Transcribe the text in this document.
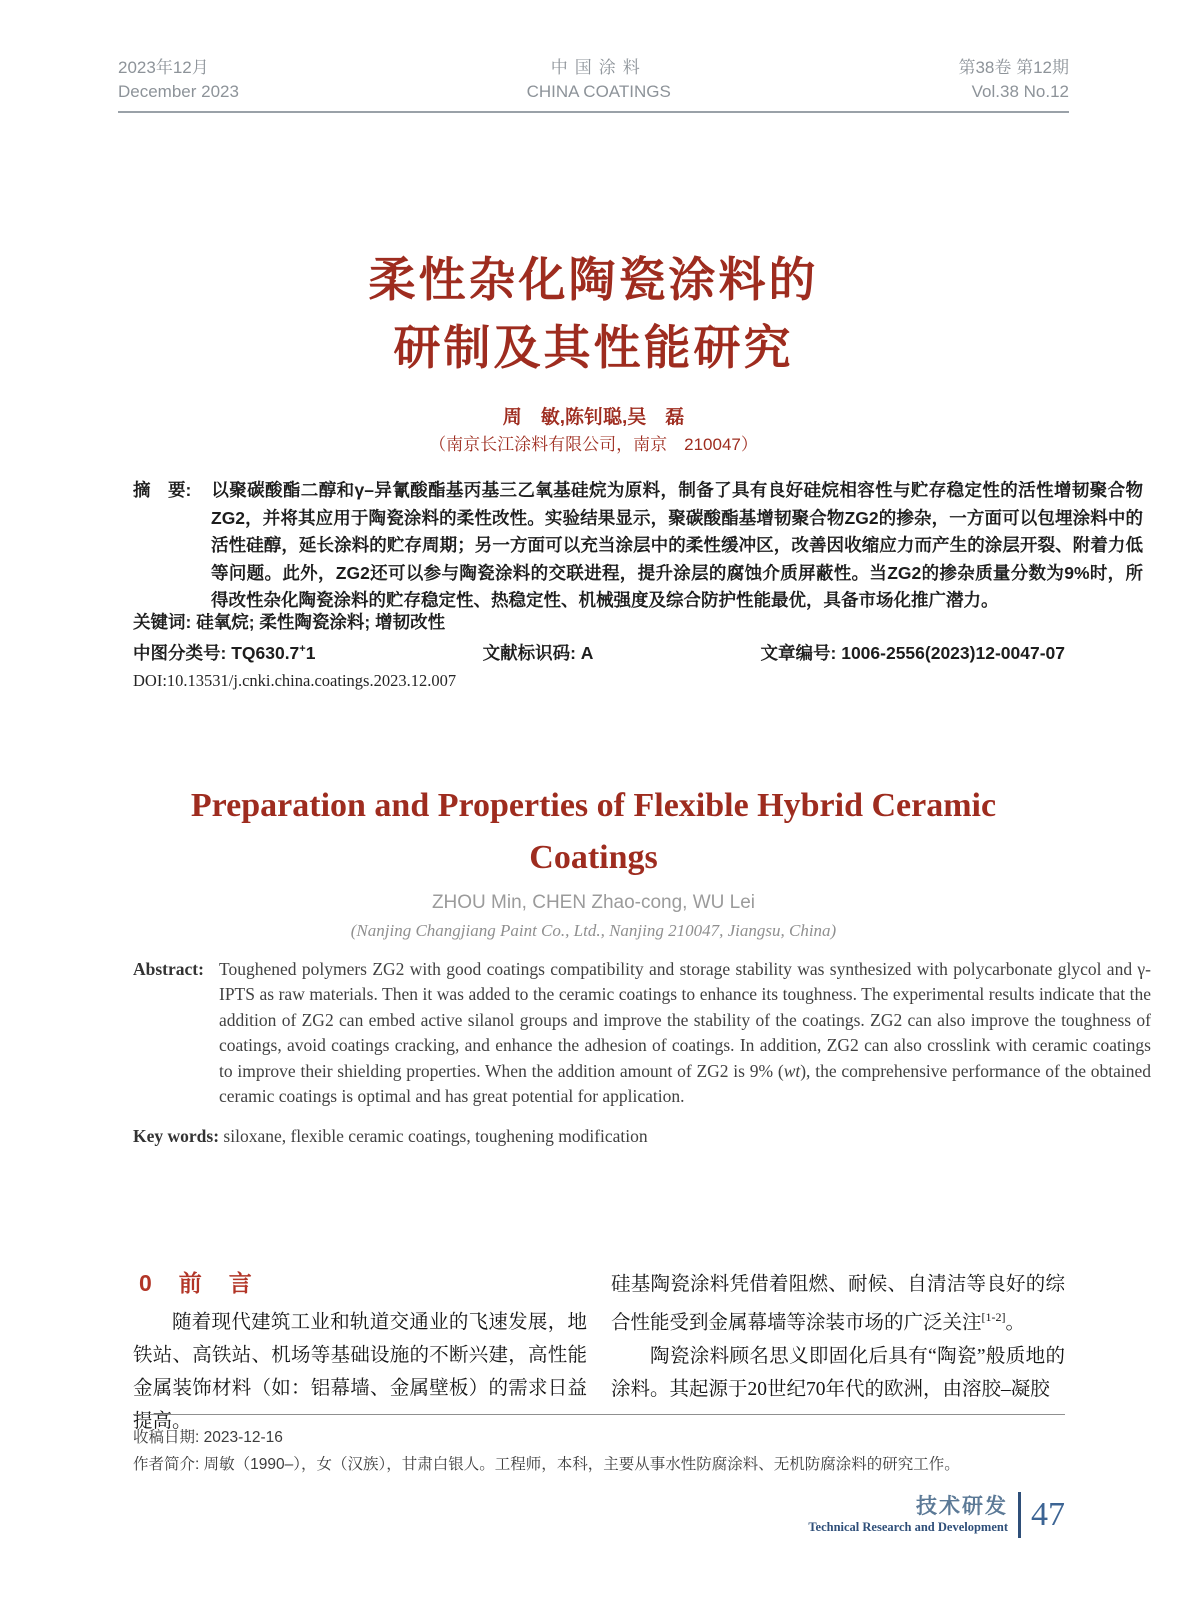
2023年12月
December 2023
中国涂料
CHINA COATINGS
第38卷 第12期
Vol.38 No.12
柔性杂化陶瓷涂料的
研制及其性能研究
周　敏,陈钊聪,吴　磊
（南京长江涂料有限公司，南京　210047）
摘　要: 以聚碳酸酯二醇和γ–异氰酸酯基丙基三乙氧基硅烷为原料，制备了具有良好硅烷相容性与贮存稳定性的活性增韧聚合物ZG2，并将其应用于陶瓷涂料的柔性改性。实验结果显示，聚碳酸酯基增韧聚合物ZG2的掺杂，一方面可以包埋涂料中的活性硅醇，延长涂料的贮存周期；另一方面可以充当涂层中的柔性缓冲区，改善因收缩应力而产生的涂层开裂、附着力低等问题。此外，ZG2还可以参与陶瓷涂料的交联进程，提升涂层的腐蚀介质屏蔽性。当ZG2的掺杂质量分数为9%时，所得改性杂化陶瓷涂料的贮存稳定性、热稳定性、机械强度及综合防护性能最优，具备市场化推广潜力。
关键词: 硅氧烷; 柔性陶瓷涂料; 增韧改性
中图分类号: TQ630.7+1	文献标识码: A	文章编号: 1006-2556(2023)12-0047-07
DOI:10.13531/j.cnki.china.coatings.2023.12.007
Preparation and Properties of Flexible Hybrid Ceramic
Coatings
ZHOU Min, CHEN Zhao-cong, WU Lei
(Nanjing Changjiang Paint Co., Ltd., Nanjing 210047, Jiangsu, China)
Abstract: Toughened polymers ZG2 with good coatings compatibility and storage stability was synthesized with polycarbonate glycol and γ-IPTS as raw materials. Then it was added to the ceramic coatings to enhance its toughness. The experimental results indicate that the addition of ZG2 can embed active silanol groups and improve the stability of the coatings. ZG2 can also improve the toughness of coatings, avoid coatings cracking, and enhance the adhesion of coatings. In addition, ZG2 can also crosslink with ceramic coatings to improve their shielding properties. When the addition amount of ZG2 is 9% (wt), the comprehensive performance of the obtained ceramic coatings is optimal and has great potential for application.
Key words: siloxane, flexible ceramic coatings, toughening modification
0　前　言

随着现代建筑工业和轨道交通业的飞速发展，地铁站、高铁站、机场等基础设施的不断兴建，高性能金属装饰材料（如：铝幕墙、金属壁板）的需求日益提高。

硅基陶瓷涂料凭借着阻燃、耐候、自清洁等良好的综合性能受到金属幕墙等涂装市场的广泛关注[1-2]。

陶瓷涂料顾名思义即固化后具有“陶瓷”般质地的涂料。其起源于20世纪70年代的欧洲，由溶胶–凝胶

收稿日期: 2023-12-16
作者简介: 周敏（1990–），女（汉族），甘肃白银人。工程师，本科，主要从事水性防腐涂料、无机防腐涂料的研究工作。
技术研发
Technical Research and Development 47
